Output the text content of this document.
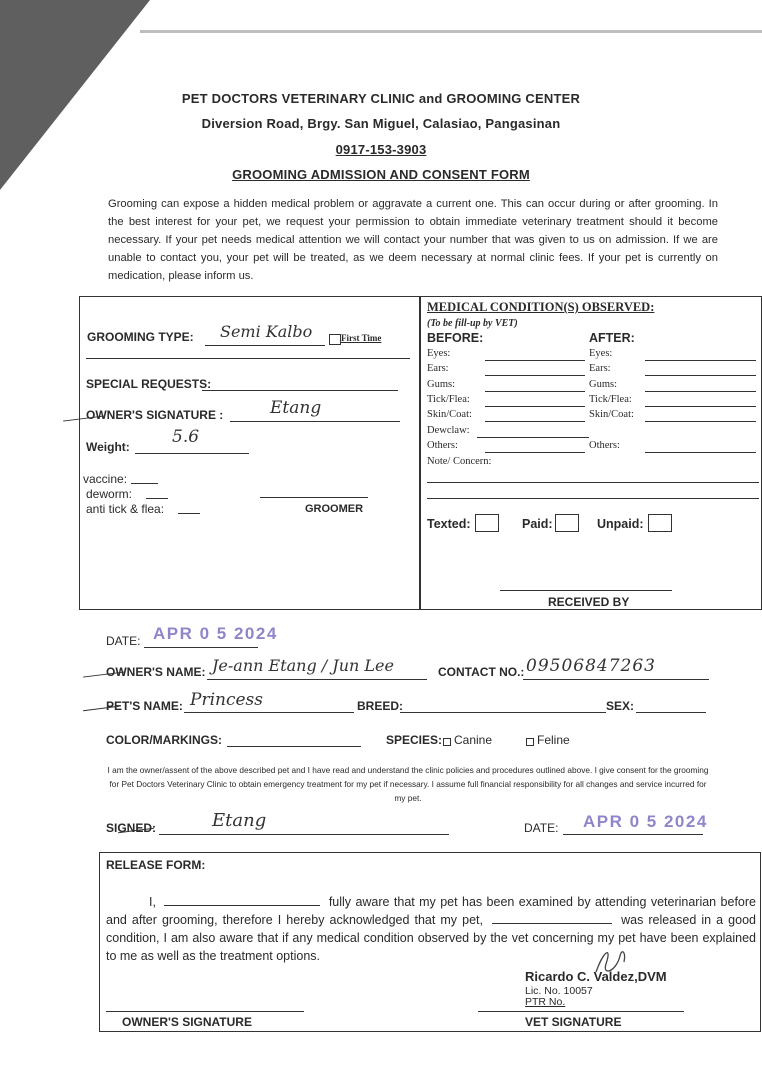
PET DOCTORS VETERINARY CLINIC and GROOMING CENTER
Diversion Road, Brgy. San Miguel, Calasiao, Pangasinan
0917-153-3903
GROOMING ADMISSION AND CONSENT FORM
Grooming can expose a hidden medical problem or aggravate a current one. This can occur during or after grooming. In the best interest for your pet, we request your permission to obtain immediate veterinary treatment should it become necessary. If your pet needs medical attention we will contact your number that was given to us on admission. If we are unable to contact you, your pet will be treated, as we deem necessary at normal clinic fees. If your pet is currently on medication, please inform us.
GROOMING TYPE: Semi Kalbo	First Time
SPECIAL REQUESTS:
OWNER'S SIGNATURE :	Etang
Weight: 5.6
vaccine:
deworm:
anti tick & flea:	GROOMER
MEDICAL CONDITION(S) OBSERVED:
(To be fill-up by VET)
BEFORE:	AFTER:
Eyes:	Eyes:
Ears:	Ears:
Gums:	Gums:
Tick/Flea:	Tick/Flea:
Skin/Coat:	Skin/Coat:
Dewclaw:
Others:	Others:
Note/ Concern:
Texted:	Paid:	Unpaid:
RECEIVED BY
DATE: APR 0 5 2024
OWNER'S NAME: Je-ann Etang / Jun Lee	CONTACT NO.: 09506847263
PET'S NAME: Princess	BREED:	SEX:
COLOR/MARKINGS:	SPECIES: Canine	Feline
I am the owner/assent of the above described pet and I have read and understand the clinic policies and procedures outlined above. I give consent for the grooming for Pet Doctors Veterinary Clinic to obtain emergency treatment for my pet if necessary. I assume full financial responsibility for all changes and service incurred for my pet.
SIGNED:	Etang	DATE: APR 0 5 2024
RELEASE FORM:
I,	fully aware that my pet has been examined by attending veterinarian before and after grooming, therefore I hereby acknowledged that my pet,	was released in a good condition, I am also aware that if any medical condition observed by the vet concerning my pet have been explained to me as well as the treatment options.
Ricardo C. Valdez,DVM
Lic. No. 10057
PTR No.
OWNER'S SIGNATURE	VET SIGNATURE
